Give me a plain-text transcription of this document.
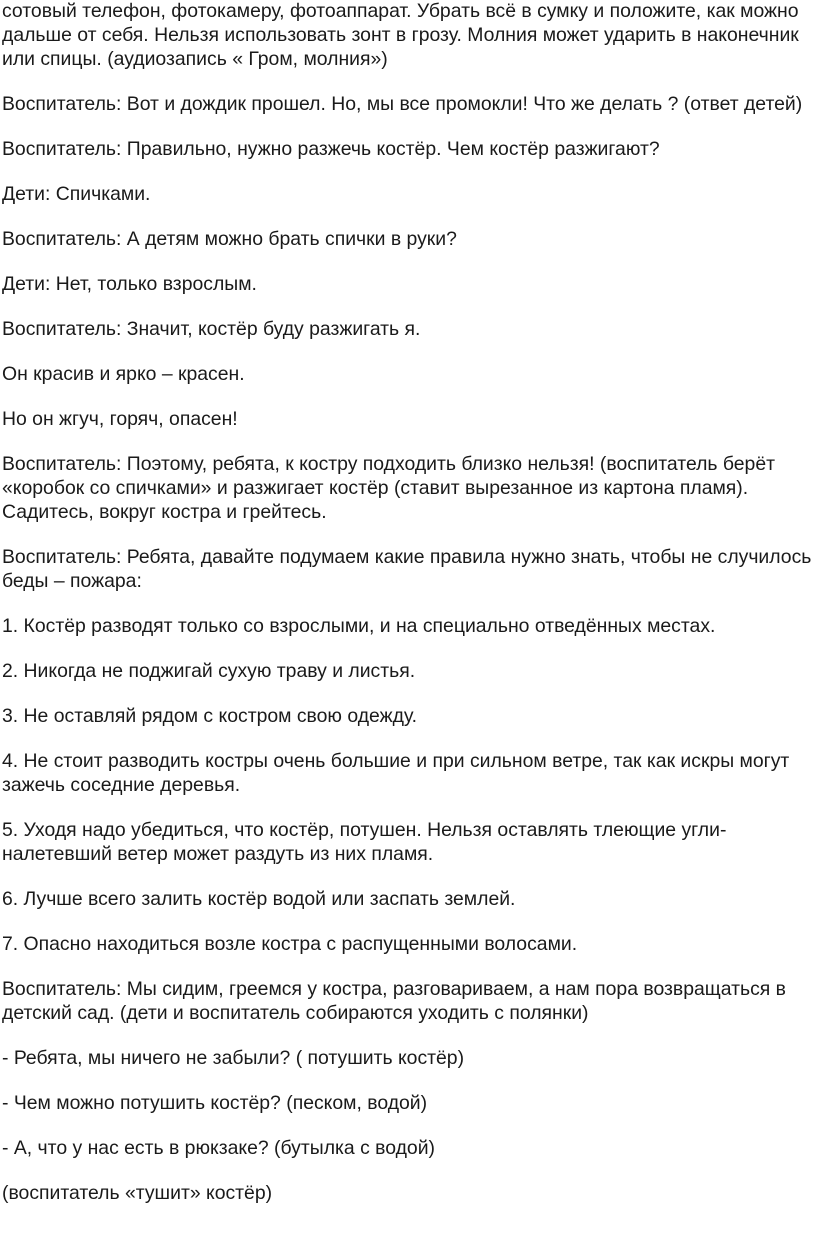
сотовый телефон, фотокамеру, фотоаппарат. Убрать всё в сумку и положите, как можно дальше от себя. Нельзя использовать зонт в грозу. Молния может ударить в наконечник или спицы. (аудиозапись « Гром, молния»)

Воспитатель: Вот и дождик прошел. Но, мы все промокли! Что же делать ? (ответ детей)

Воспитатель: Правильно, нужно разжечь костёр. Чем костёр разжигают?

Дети: Спичками.

Воспитатель: А детям можно брать спички в руки?

Дети: Нет, только взрослым.

Воспитатель: Значит, костёр буду разжигать я.

Он красив и ярко – красен.

Но он жгуч, горяч, опасен!

Воспитатель: Поэтому, ребята, к костру подходить близко нельзя! (воспитатель берёт «коробок со спичками» и разжигает костёр (ставит вырезанное из картона пламя). Садитесь, вокруг костра и грейтесь.

Воспитатель: Ребята, давайте подумаем какие правила нужно знать, чтобы не случилось беды – пожара:

1. Костёр разводят только со взрослыми, и на специально отведённых местах.

2. Никогда не поджигай сухую траву и листья.

3. Не оставляй рядом с костром свою одежду.

4. Не стоит разводить костры очень большие и при сильном ветре, так как искры могут зажечь соседние деревья.

5. Уходя надо убедиться, что костёр, потушен. Нельзя оставлять тлеющие угли- налетевший ветер может раздуть из них пламя.

6. Лучше всего залить костёр водой или заспать землей.

7. Опасно находиться возле костра с распущенными волосами.

Воспитатель: Мы сидим, греемся у костра, разговариваем, а нам пора возвращаться в детский сад. (дети и воспитатель собираются уходить с полянки)

- Ребята, мы ничего не забыли? ( потушить костёр)

- Чем можно потушить костёр? (песком, водой)

- А, что у нас есть в рюкзаке? (бутылка с водой)

(воспитатель «тушит» костёр)
